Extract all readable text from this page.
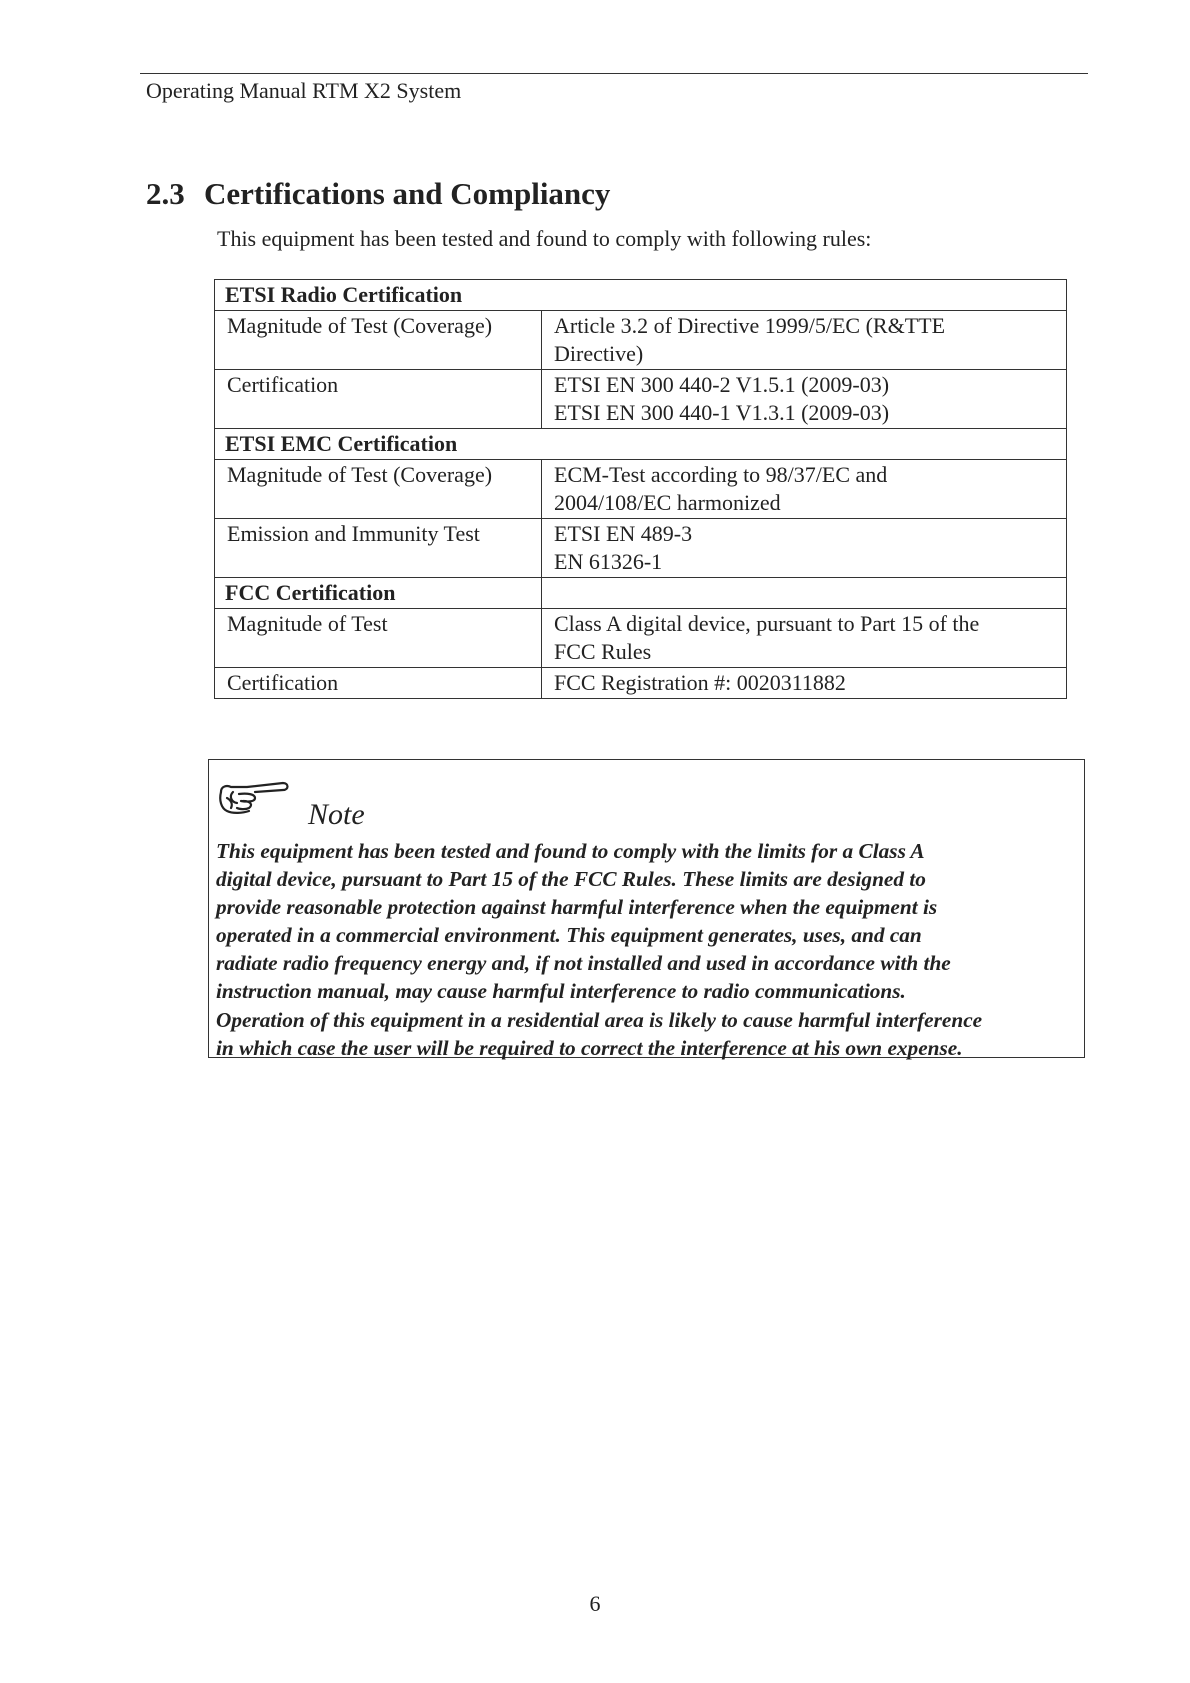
Operating Manual RTM X2 System
2.3 Certifications and Compliancy
This equipment has been tested and found to comply with following rules:
ETSI Radio Certification	
Magnitude of Test (Coverage)	Article 3.2 of Directive 1999/5/EC (R&TTE
Directive)

Certification	ETSI EN 300 440-2 V1.5.1 (2009-03)
ETSI EN 300 440-1 V1.3.1 (2009-03)

ETSI EMC Certification	
Magnitude of Test (Coverage)	ECM-Test according to 98/37/EC and
2004/108/EC harmonized

Emission and Immunity Test	ETSI EN 489-3
EN 61326-1

FCC Certification	
Magnitude of Test	Class A digital device, pursuant to Part 15 of the
FCC Rules

Certification	FCC Registration #: 0020311882
Note
This equipment has been tested and found to comply with the limits for a Class A
digital device, pursuant to Part 15 of the FCC Rules. These limits are designed to
provide reasonable protection against harmful interference when the equipment is
operated in a commercial environment. This equipment generates, uses, and can
radiate radio frequency energy and, if not installed and used in accordance with the
instruction manual, may cause harmful interference to radio communications.
Operation of this equipment in a residential area is likely to cause harmful interference
in which case the user will be required to correct the interference at his own expense.
6
